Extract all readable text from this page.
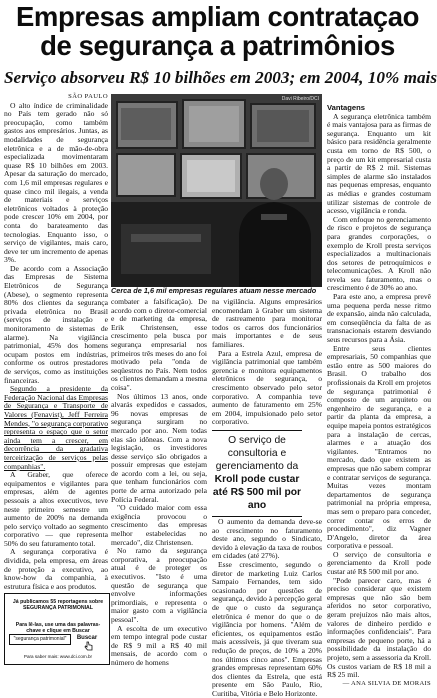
Empresas ampliam contrataçao de segurança a patrimônios
Serviço absorveu R$ 10 bilhões em 2003; em 2004, 10% mais
SÃO PAULO

O alto índice de criminalidade no País tem gerado não só preocupação, como também gastos aos empresários. Juntas, as modalidades de segurança eletrônica e a de mão-de-obra especializada movimentaram quase R$ 10 bilhões em 2003. Apesar da saturação do mercado, com 1,6 mil empresas regulares e quase cinco mil ilegais, a venda de materiais e serviços eletrônicos voltados à proteção pode crescer 10% em 2004, por conta do barateamento das tecnologias. Enquanto isso, o serviço de vigilantes, mais caro, deve ter um incremento de apenas 3%.

De acordo com a Associação das Empresas de Sistema Eletrônicos de Segurança (Abese), o segmento representa 80% dos clientes da segurança privada eletrônica no Brasil (serviços de instalação e monitoramento de sistemas de alarme). Na vigilância patrimonial, 45% dos homens ocupam postos em indústrias, conforme os outros prestadores de serviços, como as instituições financeiras.

Segundo a presidente da Federação Nacional das Empresas de Segurança e Transporte de Valores (Fenavist), Jeff Ferreira Mendes, "o segurança corporativo representa o espaço que o setor ainda tem a crescer, em decorrência da gradativa terceirização de serviços pelas companhias".

A Graber, que oferece equipamentos e vigilantes para empresas, além de agentes pessoais a altos executivos, teve neste primeiro semestre um aumento de 200% na demanda pelo serviço voltado ao segmento corporativo — que representa 50% do seu faturamento total.

A segurança corporativa é dividida, pela empresa, em áreas de proteção a executivo, ao know-how da companhia, à estrutura física e aos produtos.

Já publicamos 55 reportagens sobre SEGURANÇA PATRIMONIAL
Para lê-las, use uma das palavras-chave e clique em Buscar
"segurança patrimonial"	Buscar
Para saber mais: www.dci.com.br
Davi Ribeiro/DCI
Cerca de 1,6 mil empresas regulares atuam nesse mercado

combater a falsificação). De acordo com o diretor-comercial e de marketing da empresa, Erik Christensen, esse crescimento pela busca por segurança empresarial nos primeiros três meses do ano foi motivado pela "onda de seqüestros no País. Nem todos os clientes demandam a mesma coisa".

Nos últimos 13 anos, onde alvarás expedidos e cassados, 96 novas empresas de segurança surgiram no mercado por ano. Nem todas elas são idôneas. Com a nova legislação, os investidores desse serviço são obrigados a possuir empresas que estejam de acordo com a lei, ou seja, que tenham funcionários com porte de arma autorizado pela Polícia Federal.

"O cuidado maior com essa exigência provocou o crescimento das empresas melhor estabelecidas no mercado", diz Christensen.

No ramo da segurança corporativa, a preocupação atual é de proteger os executivos. "Isto é uma questão de segurança que envolve informações primordiais, e representa o maior gasto com a vigilância pessoal".

A escolta de um executivo em tempo integral pode custar de R$ 9 mil a R$ 40 mil mensais, de acordo com o número de homens

na vigilância. Alguns empresários encomendam à Graber um sistema de rastreamento para monitorar todos os carros dos funcionários mais importantes e de seus familiares.

Para a Estrela Azul, empresa de vigilância patrimonial que também gerencia e monitora equipamentos eletrônicos de segurança, o crescimento observado pelo setor corporativo. A companhia teve aumento de faturamento em 25% em 2004, impulsionado pelo setor corporativo.

O serviço de consultoria e gerenciamento da Kroll pode custar até R$ 500 mil por ano

O aumento da demanda deve-se ao crescimento no faturamento deste ano, segundo o Sindicato, devido à elevação da taxa de roubos em cidades (até 27%).

Esse crescimento, segundo o diretor de marketing Luiz Carlos Sampaio Fernandes, tem sido ocasionado por questões de segurança, devido à percepção geral de que o custo da segurança eletrônica é menor do que o de vigilância por homens. "Além de eficientes, os equipamentos estão mais acessíveis, já que tiveram sua redução de preços, de 10% a 20% nos últimos cinco anos". Empresas grandes empresas representam 60% dos clientes da Estrela, que está presente em São Paulo, Rio, Curitiba, Vitória e Belo Horizonte.

Vantagens

A segurança eletrônica também é mais vantajosa para as firmas de segurança. Enquanto um kit básico para residência geralmente custa em torno de R$ 500, o preço de um kit empresarial custa a partir de R$ 2 mil. Sistemas simples de alarme são instalados nas pequenas empresas, enquanto as médias e grandes costumam utilizar sistemas de controle de acesso, vigilância e ronda.

Com enfoque no gerenciamento de risco e projetos de segurança para grandes corporações, o exemplo de Kroll presta serviços especializados a multinacionais dos setores de petroquímicos e telecomunicações. A Kroll não revela seu faturamento, mas o crescimento é de 30% ao ano.

Para este ano, a empresa prevê uma pequena perda nesse ritmo de expansão, ainda não calculada, em conseqüência da falta de as transnacionais estarem desviando seus recursos para a Ásia.

Entre seus clientes empresariais, 50 companhias que estão entre as 500 maiores do Brasil. O trabalho dos profissionais da Kroll em projetos de segurança patrimonial é composto de um arquiteto ou engenheiro de segurança, e a partir da planta da empresa, a equipe mapeia pontos estratégicos para a instalação de cercas, alarmes e a atuação dos vigilantes. "Entramos no mercado, dado que existem as empresas que não sabem comprar e contratar serviços de segurança. Muitas vezes montam departamentos de segurança patrimonial na própria empresa, mas sem o preparo para conceder, correr contar os erros de procedimento", diz Vagner D'Angelo, diretor da área corporativa e pessoal.

O serviço de consultoria e gerenciamento da Kroll pode custar até R$ 500 mil por ano.

"Pode parecer caro, mas é preciso considerar que existem empresas que não são bem aferidos no setor corporativo, geram prejuízos não mais altos, valores de dinheiro perdido e informações confidenciais". Para empresas de pequeno porte, há a possibilidade da instalação do projeto, sem a assessoria da Kroll. Os custos variam de R$ 18 mil a R$ 25 mil.

— ANA SILVIA DE MORAIS
